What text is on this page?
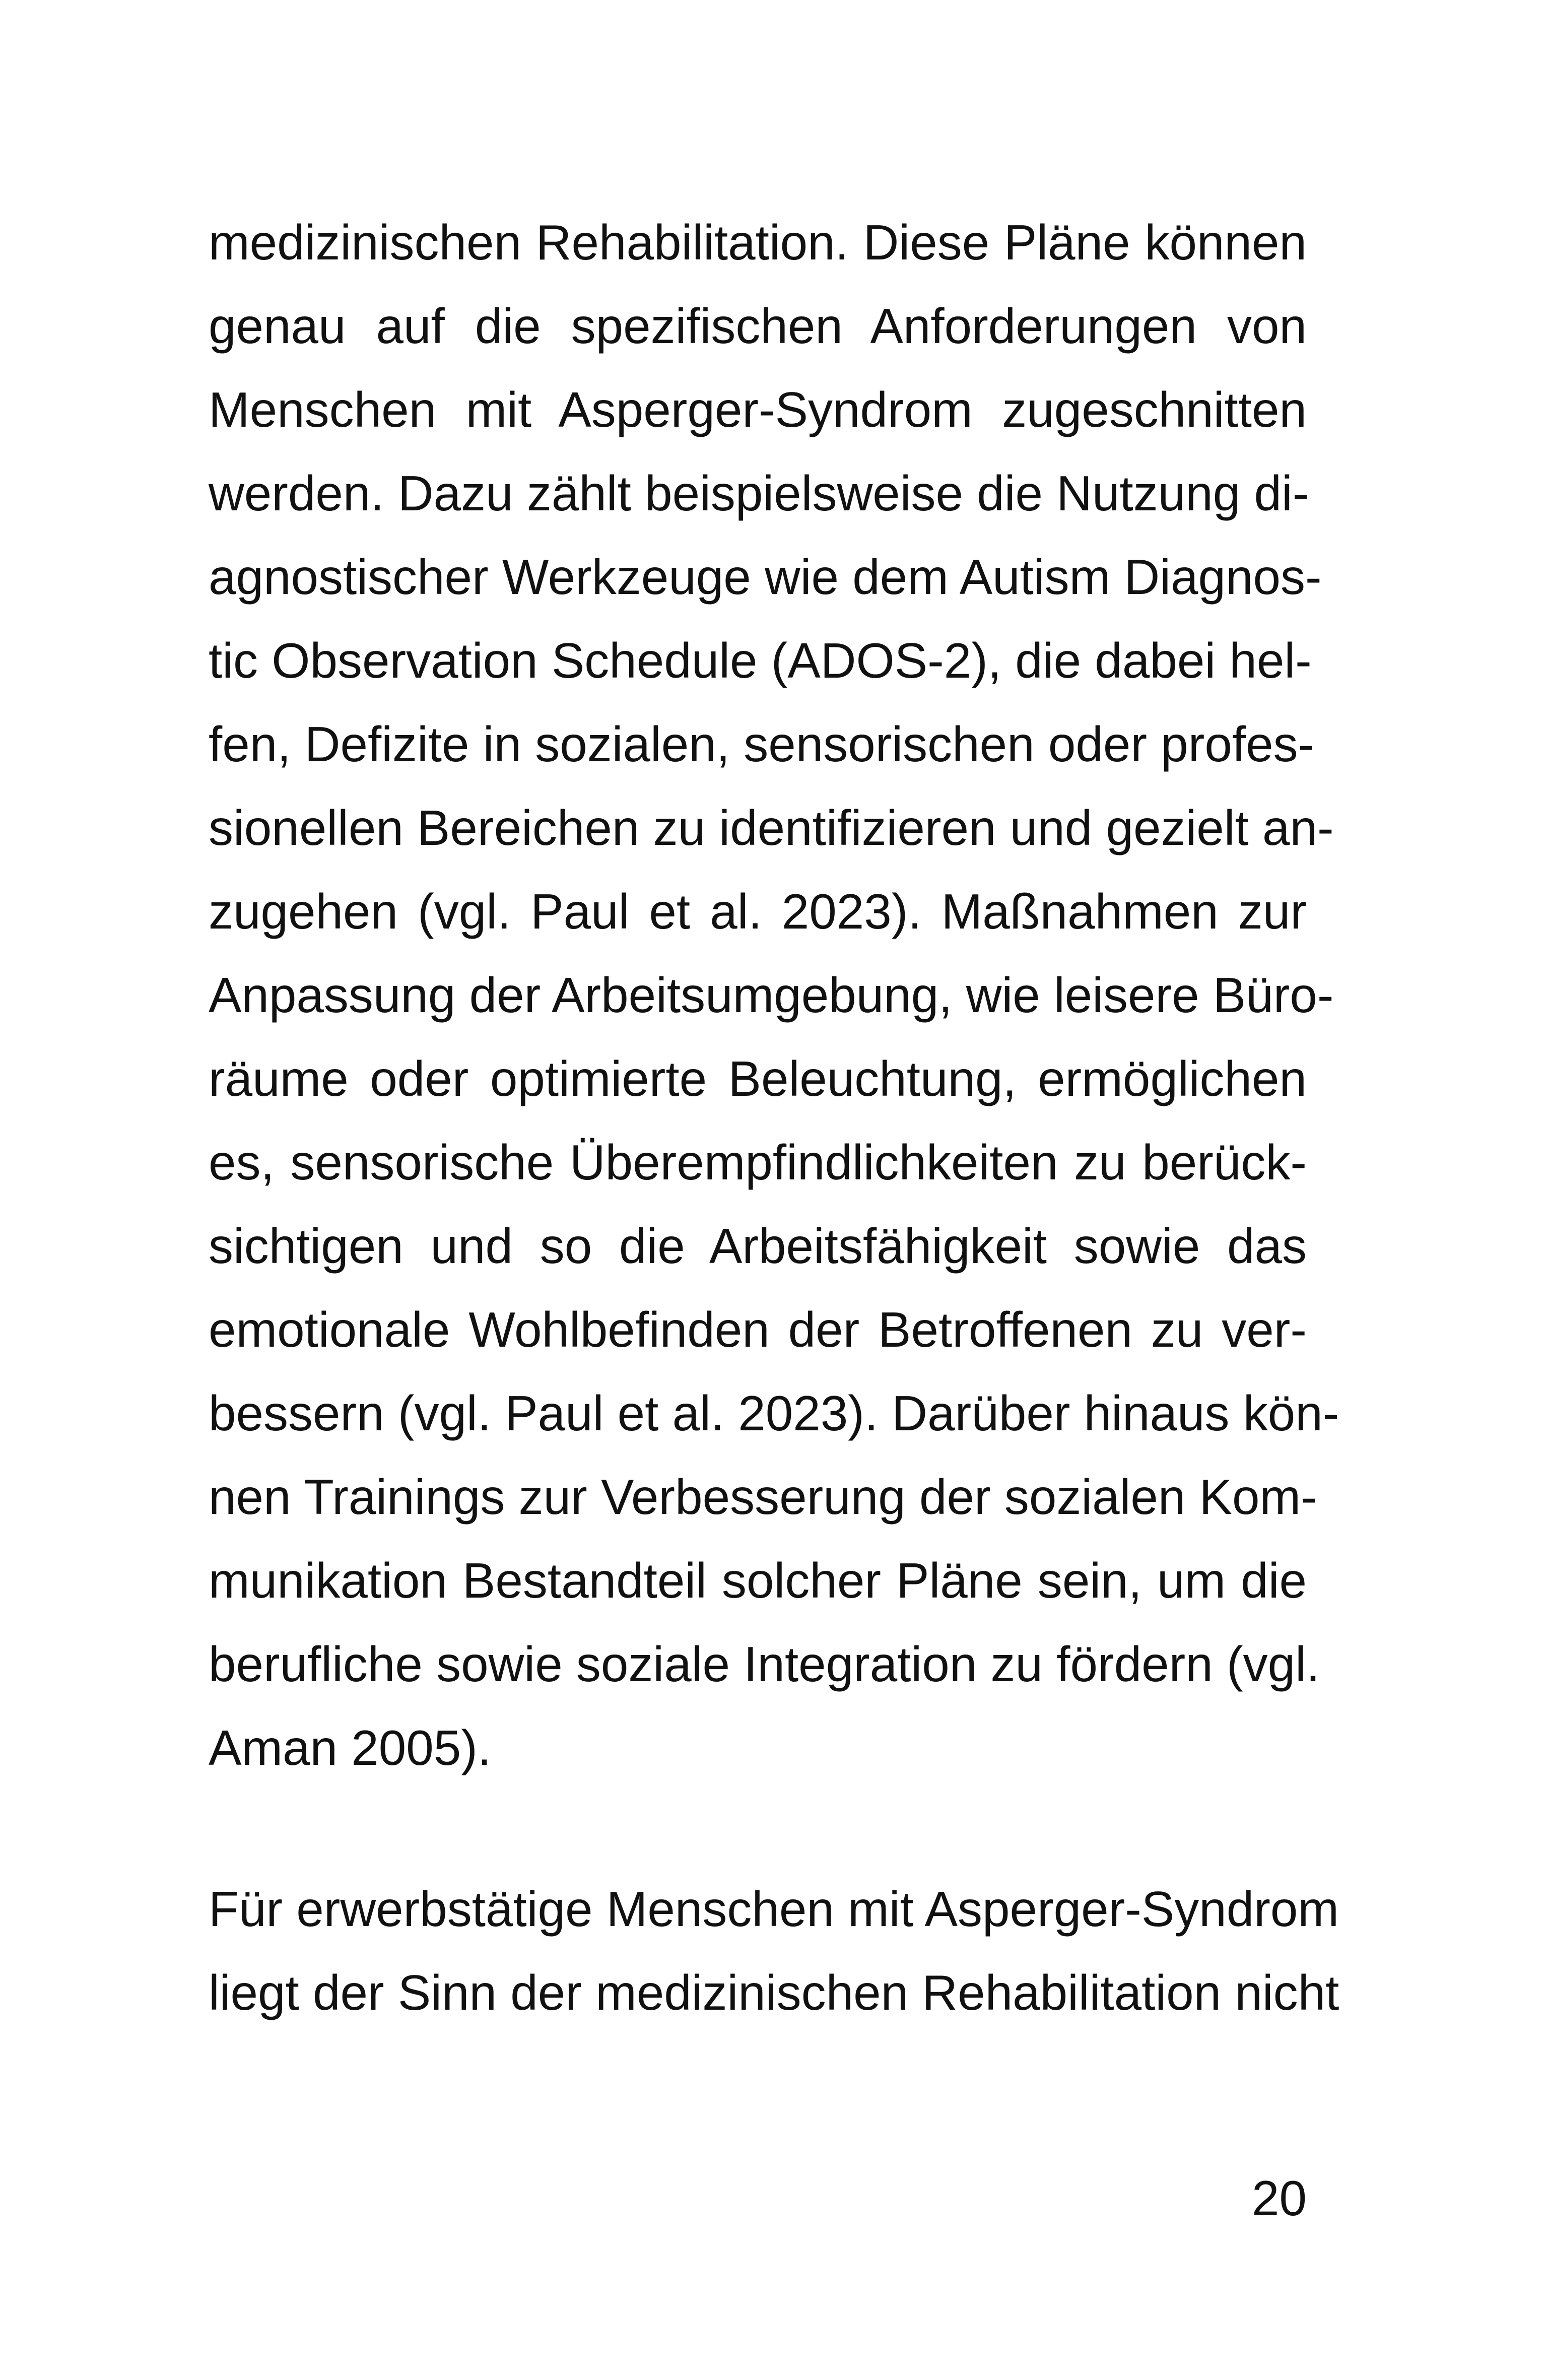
medizinischen Rehabilitation. Diese Pläne können
genau auf die spezifischen Anforderungen von
Menschen mit Asperger-Syndrom zugeschnitten
werden. Dazu zählt beispielsweise die Nutzung di-
agnostischer Werkzeuge wie dem Autism Diagnos-
tic Observation Schedule (ADOS-2), die dabei hel-
fen, Defizite in sozialen, sensorischen oder profes-
sionellen Bereichen zu identifizieren und gezielt an-
zugehen (vgl. Paul et al. 2023). Maßnahmen zur
Anpassung der Arbeitsumgebung, wie leisere Büro-
räume oder optimierte Beleuchtung, ermöglichen
es, sensorische Überempfindlichkeiten zu berück-
sichtigen und so die Arbeitsfähigkeit sowie das
emotionale Wohlbefinden der Betroffenen zu ver-
bessern (vgl. Paul et al. 2023). Darüber hinaus kön-
nen Trainings zur Verbesserung der sozialen Kom-
munikation Bestandteil solcher Pläne sein, um die
berufliche sowie soziale Integration zu fördern (vgl.
Aman 2005).
Für erwerbstätige Menschen mit Asperger-Syndrom
liegt der Sinn der medizinischen Rehabilitation nicht
20
